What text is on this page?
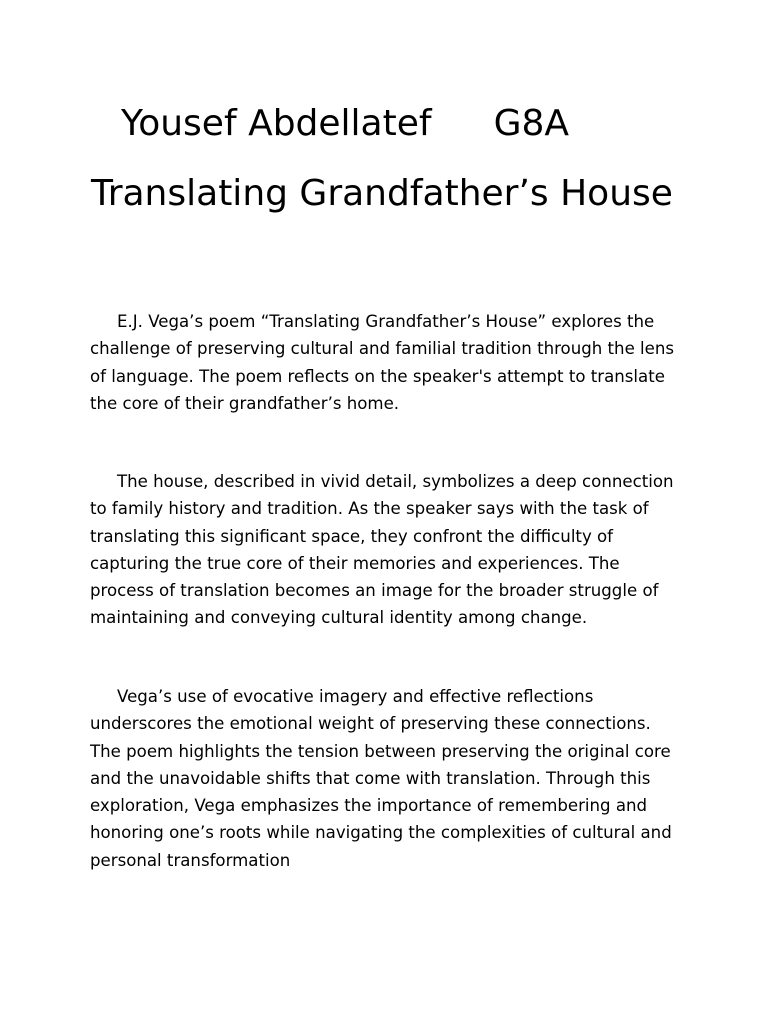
Yousef Abdellatef G8A
Translating Grandfather’s House

E.J. Vega’s poem “Translating Grandfather’s House” explores the challenge of preserving cultural and familial tradition through the lens of language. The poem reflects on the speaker's attempt to translate the core of their grandfather’s home.

The house, described in vivid detail, symbolizes a deep connection to family history and tradition. As the speaker says with the task of translating this significant space, they confront the difficulty of capturing the true core of their memories and experiences. The process of translation becomes an image for the broader struggle of maintaining and conveying cultural identity among change.

Vega’s use of evocative imagery and effective reflections underscores the emotional weight of preserving these connections. The poem highlights the tension between preserving the original core and the unavoidable shifts that come with translation. Through this exploration, Vega emphasizes the importance of remembering and honoring one’s roots while navigating the complexities of cultural and personal transformation
